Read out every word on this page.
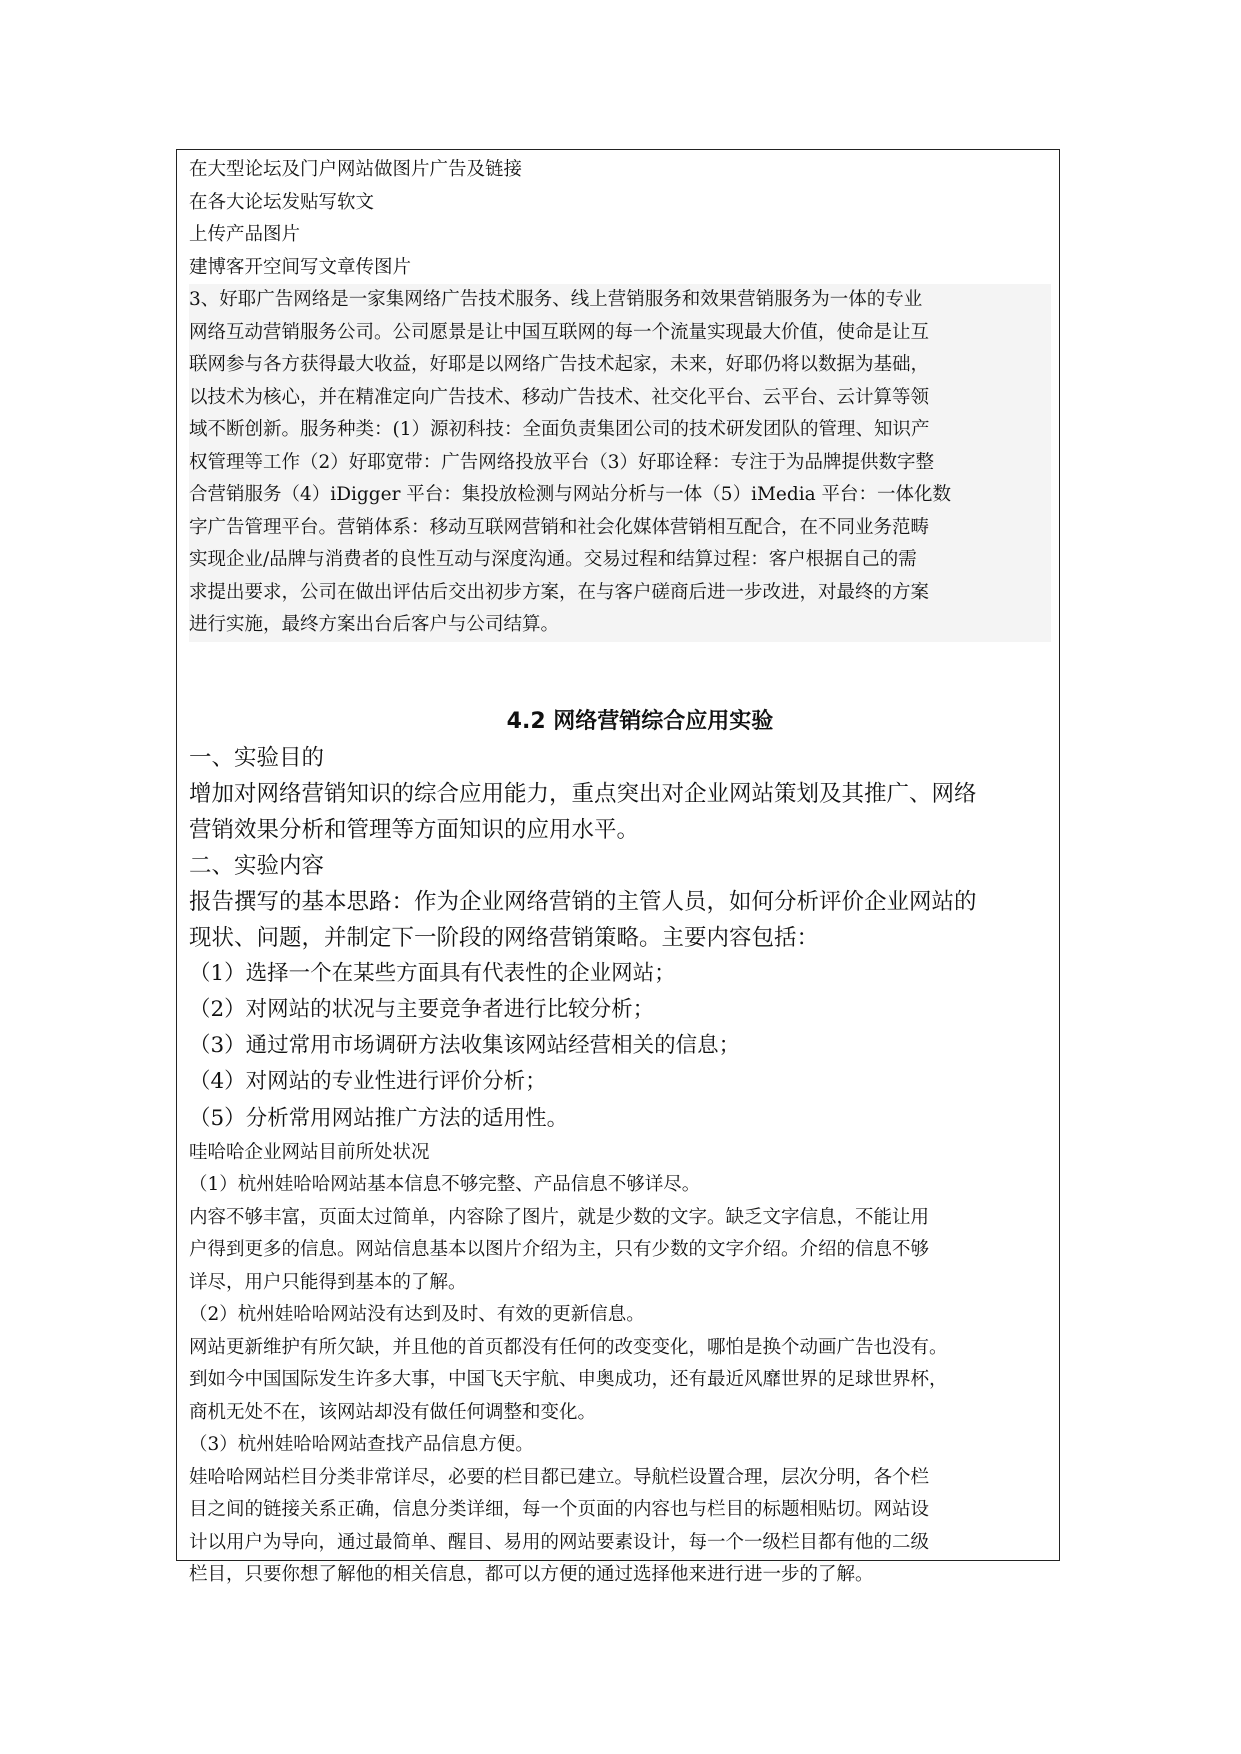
在大型论坛及门户网站做图片广告及链接
在各大论坛发贴写软文
上传产品图片
建博客开空间写文章传图片
3、好耶广告网络是一家集网络广告技术服务、线上营销服务和效果营销服务为一体的专业
网络互动营销服务公司。公司愿景是让中国互联网的每一个流量实现最大价值，使命是让互
联网参与各方获得最大收益，好耶是以网络广告技术起家，未来，好耶仍将以数据为基础，
以技术为核心，并在精准定向广告技术、移动广告技术、社交化平台、云平台、云计算等领
域不断创新。服务种类：(1）源初科技：全面负责集团公司的技术研发团队的管理、知识产
权管理等工作（2）好耶宽带：广告网络投放平台（3）好耶诠释：专注于为品牌提供数字整
合营销服务（4）iDigger 平台：集投放检测与网站分析与一体（5）iMedia 平台：一体化数
字广告管理平台。营销体系：移动互联网营销和社会化媒体营销相互配合，在不同业务范畴
实现企业/品牌与消费者的良性互动与深度沟通。交易过程和结算过程：客户根据自己的需
求提出要求，公司在做出评估后交出初步方案，在与客户磋商后进一步改进，对最终的方案
进行实施，最终方案出台后客户与公司结算。
4.2 网络营销综合应用实验
一、实验目的
增加对网络营销知识的综合应用能力，重点突出对企业网站策划及其推广、网络
营销效果分析和管理等方面知识的应用水平。
二、实验内容
报告撰写的基本思路：作为企业网络营销的主管人员，如何分析评价企业网站的
现状、问题，并制定下一阶段的网络营销策略。主要内容包括：
（1）选择一个在某些方面具有代表性的企业网站；
（2）对网站的状况与主要竞争者进行比较分析；
（3）通过常用市场调研方法收集该网站经营相关的信息；
（4）对网站的专业性进行评价分析；
（5）分析常用网站推广方法的适用性。
哇哈哈企业网站目前所处状况
（1）杭州娃哈哈网站基本信息不够完整、产品信息不够详尽。
内容不够丰富，页面太过简单，内容除了图片，就是少数的文字。缺乏文字信息，不能让用
户得到更多的信息。网站信息基本以图片介绍为主，只有少数的文字介绍。介绍的信息不够
详尽，用户只能得到基本的了解。
（2）杭州娃哈哈网站没有达到及时、有效的更新信息。
网站更新维护有所欠缺，并且他的首页都没有任何的改变变化，哪怕是换个动画广告也没有。
到如今中国国际发生许多大事，中国飞天宇航、申奥成功，还有最近风靡世界的足球世界杯，
商机无处不在，该网站却没有做任何调整和变化。
（3）杭州娃哈哈网站查找产品信息方便。
娃哈哈网站栏目分类非常详尽，必要的栏目都已建立。导航栏设置合理，层次分明，各个栏
目之间的链接关系正确，信息分类详细，每一个页面的内容也与栏目的标题相贴切。网站设
计以用户为导向，通过最简单、醒目、易用的网站要素设计，每一个一级栏目都有他的二级
栏目，只要你想了解他的相关信息，都可以方便的通过选择他来进行进一步的了解。
